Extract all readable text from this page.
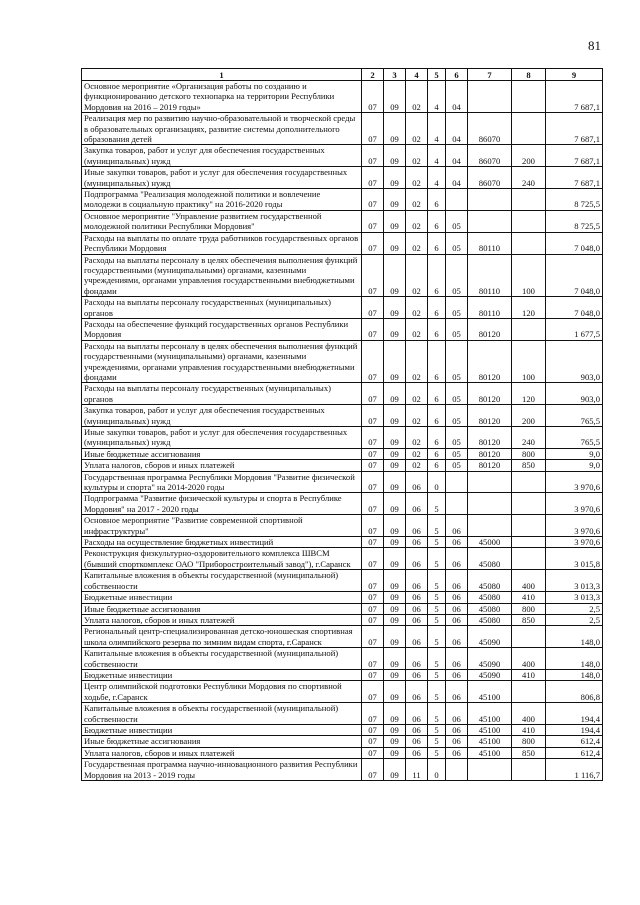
81
1	2	3	4	5	6	7	8	9
Основное мероприятие «Организация работы по созданию и функционированию детского технопарка на территории Республики Мордовия на 2016 – 2019 годы»	07	09	02	4	04			7 687,1
Реализация мер по развитию научно-образовательной и творческой среды в образовательных организациях, развитие системы дополнительного образования детей	07	09	02	4	04	86070		7 687,1
Закупка товаров, работ и услуг для обеспечения государственных (муниципальных) нужд	07	09	02	4	04	86070	200	7 687,1
Иные закупки товаров, работ и услуг для обеспечения государственных (муниципальных) нужд	07	09	02	4	04	86070	240	7 687,1
Подпрограмма "Реализация молодежной политики и вовлечение молодежи в социальную практику" на 2016-2020 годы	07	09	02	6				8 725,5
Основное мероприятие "Управление развитием государственной молодежной политики Республики Мордовия"	07	09	02	6	05			8 725,5
Расходы на выплаты по оплате труда работников государственных органов Республики Мордовия	07	09	02	6	05	80110		7 048,0
Расходы на выплаты персоналу в целях обеспечения выполнения функций государственными (муниципальными) органами, казенными учреждениями, органами управления государственными внебюджетными фондами	07	09	02	6	05	80110	100	7 048,0
Расходы на выплаты персоналу государственных (муниципальных) органов	07	09	02	6	05	80110	120	7 048,0
Расходы на обеспечение функций государственных органов Республики Мордовия	07	09	02	6	05	80120		1 677,5
Расходы на выплаты персоналу в целях обеспечения выполнения функций государственными (муниципальными) органами, казенными учреждениями, органами управления государственными внебюджетными фондами	07	09	02	6	05	80120	100	903,0
Расходы на выплаты персоналу государственных (муниципальных) органов	07	09	02	6	05	80120	120	903,0
Закупка товаров, работ и услуг для обеспечения государственных (муниципальных) нужд	07	09	02	6	05	80120	200	765,5
Иные закупки товаров, работ и услуг для обеспечения государственных (муниципальных) нужд	07	09	02	6	05	80120	240	765,5
Иные бюджетные ассигнования	07	09	02	6	05	80120	800	9,0
Уплата налогов, сборов и иных платежей	07	09	02	6	05	80120	850	9,0
Государственная программа Республики Мордовия "Развитие физической культуры и спорта" на 2014-2020 годы	07	09	06	0				3 970,6
Подпрограмма "Развитие физической культуры и спорта в Республике Мордовия" на 2017 - 2020 годы	07	09	06	5				3 970,6
Основное мероприятие "Развитие современной спортивной инфраструктуры"	07	09	06	5	06			3 970,6
Расходы на осуществление бюджетных инвестиций	07	09	06	5	06	45000		3 970,6
Реконструкция физкультурно-оздоровительного комплекса ШВСМ (бывший спорткомплекс ОАО "Приборостроительный завод"), г.Саранск	07	09	06	5	06	45080		3 015,8
Капитальные вложения в объекты государственной (муниципальной) собственности	07	09	06	5	06	45080	400	3 013,3
Бюджетные инвестиции	07	09	06	5	06	45080	410	3 013,3
Иные бюджетные ассигнования	07	09	06	5	06	45080	800	2,5
Уплата налогов, сборов и иных платежей	07	09	06	5	06	45080	850	2,5
Региональный центр-специализированная детско-юношеская спортивная школа олимпийского резерва по зимним видам спорта, г.Саранск	07	09	06	5	06	45090		148,0
Капитальные вложения в объекты государственной (муниципальной) собственности	07	09	06	5	06	45090	400	148,0
Бюджетные инвестиции	07	09	06	5	06	45090	410	148,0
Центр олимпийской подготовки Республики Мордовия по спортивной ходьбе, г.Саранск	07	09	06	5	06	45100		806,8
Капитальные вложения в объекты государственной (муниципальной) собственности	07	09	06	5	06	45100	400	194,4
Бюджетные инвестиции	07	09	06	5	06	45100	410	194,4
Иные бюджетные ассигнования	07	09	06	5	06	45100	800	612,4
Уплата налогов, сборов и иных платежей	07	09	06	5	06	45100	850	612,4
Государственная программа научно-инновационного развития Республики Мордовия на 2013 - 2019 годы	07	09	11	0				1 116,7
